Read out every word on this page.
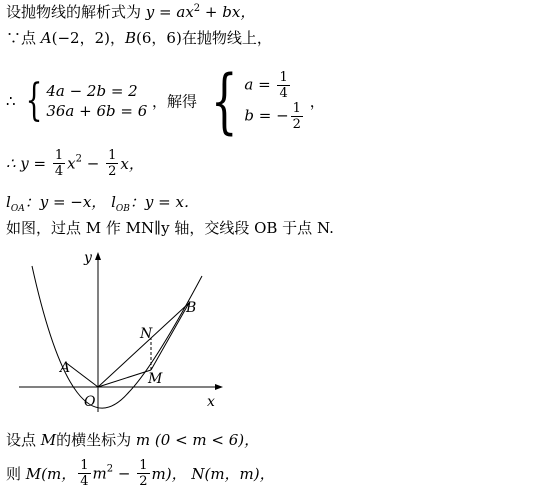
设抛物线的解析式为 $y = ax^2$ + bx，
∵点 A(−2，2)，B(6，6)在抛物线上，
∴ { 4a − 2b = 2
36a + 6b = 6
，解得 { $a = \frac{1}{4}$
b = − $\frac{1}{2}$ ，
∴ $y = \frac{1}{4} x^2 - \frac{1}{2}$ x，
$l_{OA}$：y = −x， $l_{OB}$：y = x．
如图，过点 M 作 MN∥y 轴，交线段 OB 于点 N.
y
x
O
A
B
N
M
设点 M的横坐标为 m (0 < m < 6)，
则 M(m， $\frac{1}{4} m^2 - \frac{1}{2} m$)， N(m，m)，
